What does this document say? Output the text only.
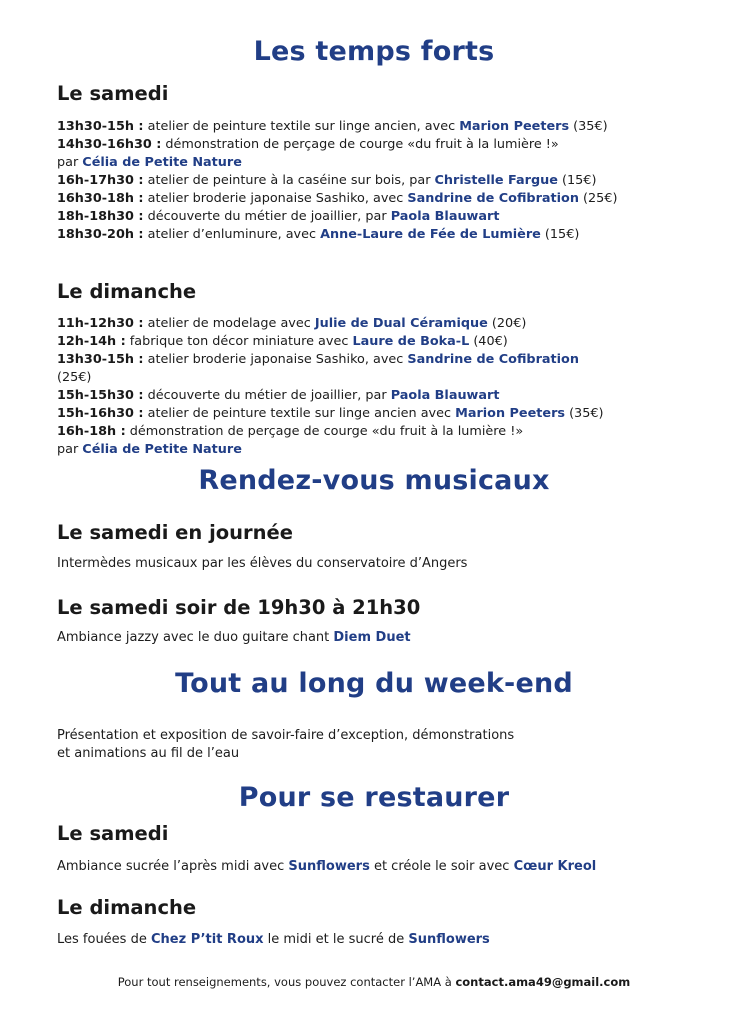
Les temps forts
Le samedi
13h30-15h : atelier de peinture textile sur linge ancien, avec Marion Peeters (35€)
14h30-16h30 : démonstration de perçage de courge «du fruit à la lumière !»
par Célia de Petite Nature
16h-17h30 : atelier de peinture à la caséine sur bois, par Christelle Fargue (15€)
16h30-18h : atelier broderie japonaise Sashiko, avec Sandrine de Cofibration (25€)
18h-18h30 : découverte du métier de joaillier, par Paola Blauwart
18h30-20h : atelier d’enluminure, avec Anne-Laure de Fée de Lumière (15€)
Le dimanche
11h-12h30 : atelier de modelage avec Julie de Dual Céramique (20€)
12h-14h : fabrique ton décor miniature avec Laure de Boka-L (40€)
13h30-15h : atelier broderie japonaise Sashiko, avec Sandrine de Cofibration
(25€)
15h-15h30 : découverte du métier de joaillier, par Paola Blauwart
15h-16h30 : atelier de peinture textile sur linge ancien avec Marion Peeters (35€)
16h-18h : démonstration de perçage de courge «du fruit à la lumière !»
par Célia de Petite Nature
Rendez-vous musicaux
Le samedi en journée

Intermèdes musicaux par les élèves du conservatoire d’Angers

Le samedi soir de 19h30 à 21h30

Ambiance jazzy avec le duo guitare chant Diem Duet

Tout au long du week-end

Présentation et exposition de savoir-faire d’exception, démonstrations

et animations au fil de l’eau

Pour se restaurer
Le samedi

Ambiance sucrée l’après midi avec Sunflowers et créole le soir avec Cœur Kreol

Le dimanche

Les fouées de Chez P’tit Roux le midi et le sucré de Sunflowers

Pour tout renseignements, vous pouvez contacter l’AMA à contact.ama49@gmail.com
